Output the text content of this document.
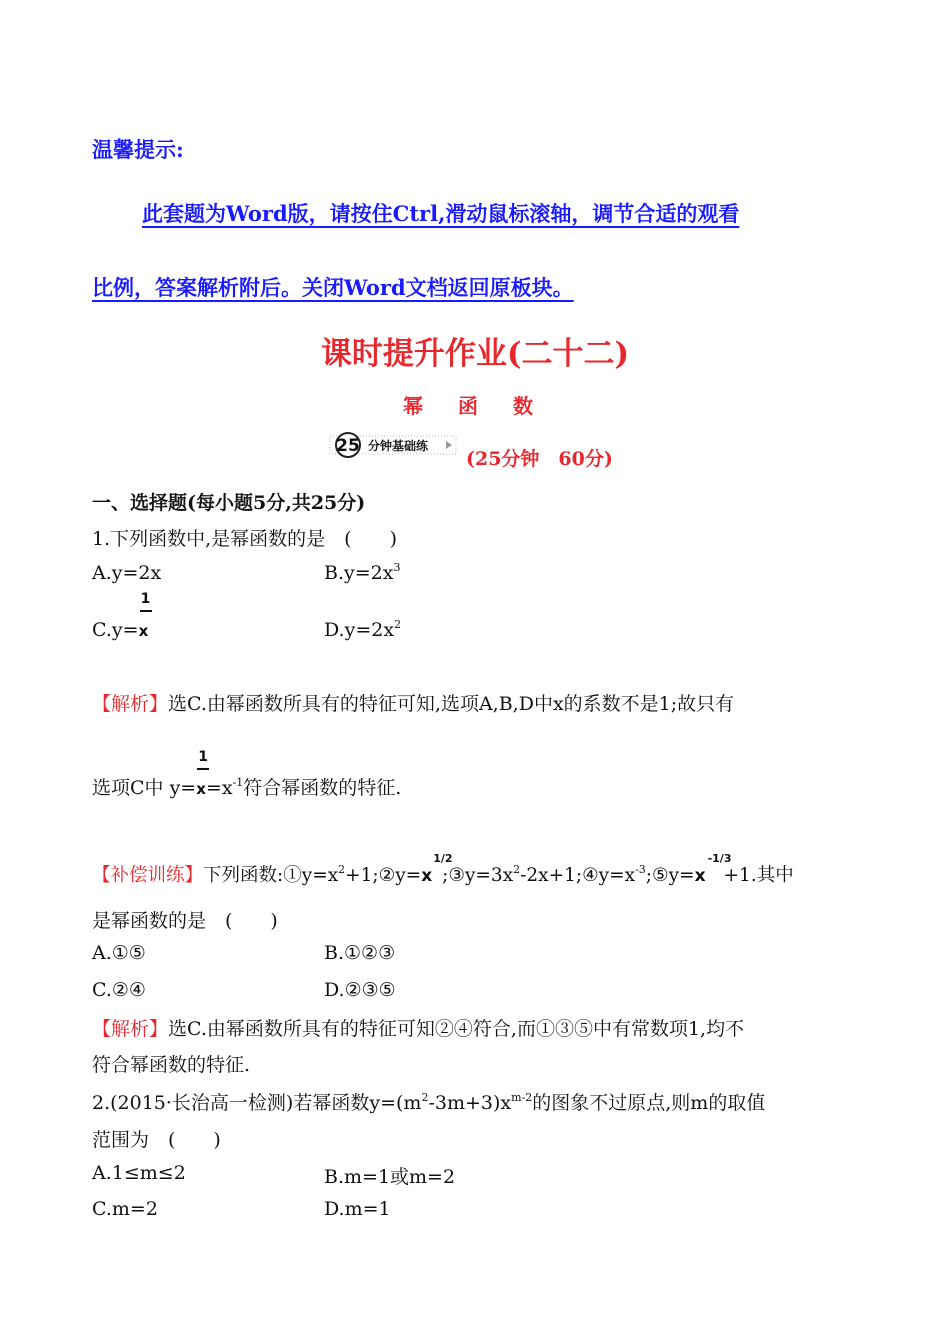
温馨提示:
此套题为Word版，请按住Ctrl,滑动鼠标滚轴，调节合适的观看
比例，答案解析附后。关闭Word文档返回原板块。
课时提升作业(二十二)
幂 函 数
25 分钟基础练
(25分钟　60分)
一、选择题(每小题5分,共25分)
1.下列函数中,是幂函数的是　(　　)
A.y=2x	$B.y=2x^3$
$C.y= \frac{1}{x}$	$D.y=2x^2$
【解析】选C.由幂函数所具有的特征可知,选项A,B,D中x的系数不是1;故只有
选项C中 $y= \frac{1}{x}=x^{-1}$符合幂函数的特征.
【补偿训练】下列函数$:①y=x^2+1;②y=x$
1/2
$;③y=3x^2-2x+1;④y=x^{-3};⑤y=x$
-1/3
+1.其中
是幂函数的是　(　　)
A.①⑤	B.①②③
C.②④	D.②③⑤
【解析】选C.由幂函数所具有的特征可知②④符合,而①③⑤中有常数项1,均不
符合幂函数的特征.
2.(2015·长治高一检测)若幂函数$y=(m^2-3m+3)x^{m-2}$的图象不过原点,则m的取值
范围为　(　　)
A.1≤m≤2	B.m=1或m=2
C.m=2	D.m=1
